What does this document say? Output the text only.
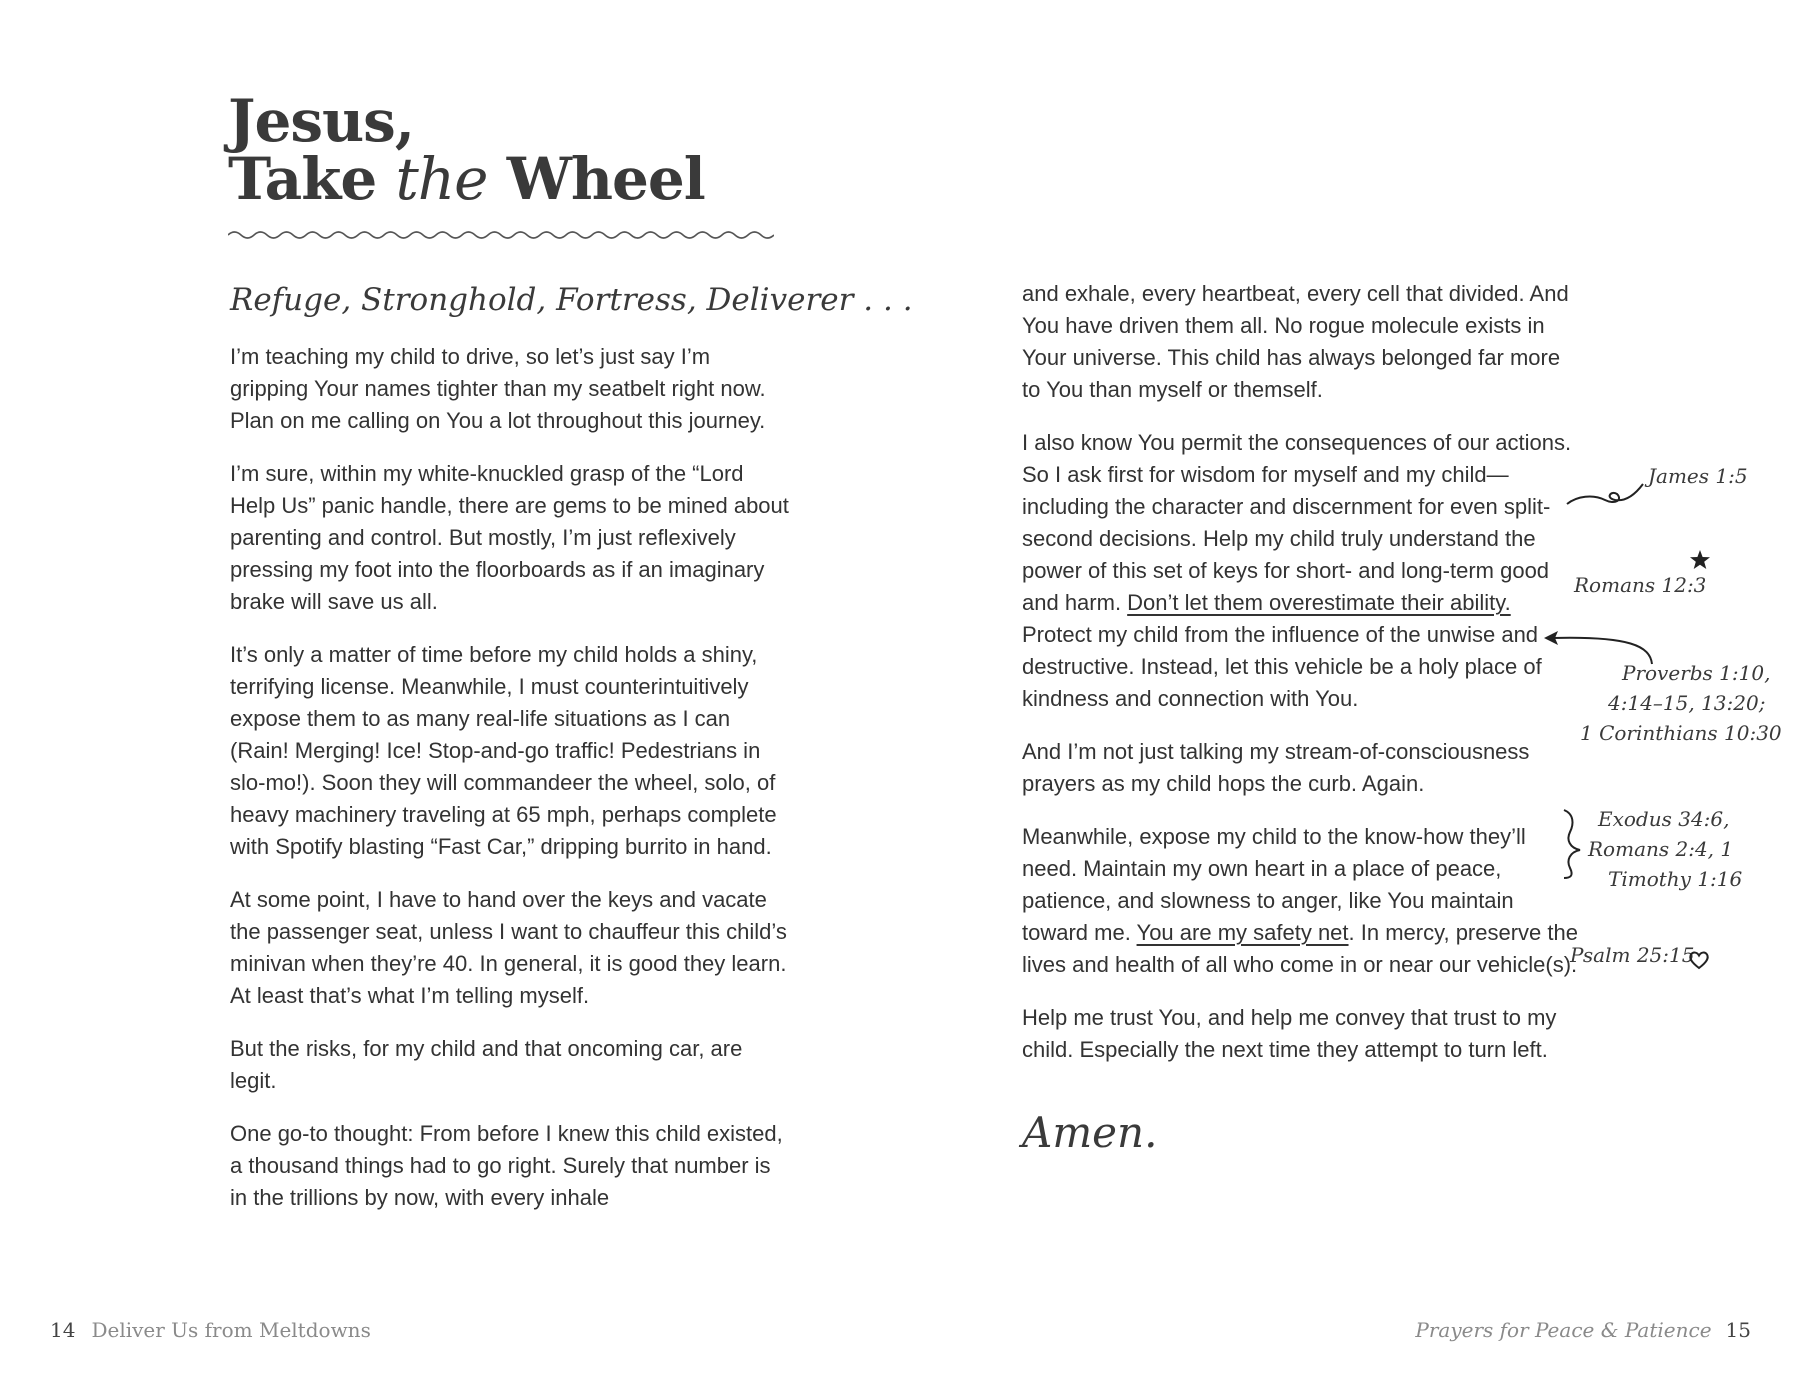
Jesus,
Take the Wheel
Refuge, Stronghold, Fortress, Deliverer . . .

I’m teaching my child to drive, so let’s just say I’m gripping Your names tighter than my seatbelt right now. Plan on me calling on You a lot throughout this journey.

I’m sure, within my white-knuckled grasp of the “Lord Help Us” panic handle, there are gems to be mined about parenting and control. But mostly, I’m just reflexively pressing my foot into the floorboards as if an imaginary brake will save us all.

It’s only a matter of time before my child holds a shiny, terrifying license. Meanwhile, I must counterintuitively expose them to as many real-life situations as I can (Rain! Merging! Ice! Stop-and-go traffic! Pedestrians in slo-mo!). Soon they will commandeer the wheel, solo, of heavy machinery traveling at 65 mph, perhaps complete with Spotify blasting “Fast Car,” dripping burrito in hand.

At some point, I have to hand over the keys and vacate the passenger seat, unless I want to chauffeur this child’s minivan when they’re 40. In general, it is good they learn. At least that’s what I’m telling myself.

But the risks, for my child and that oncoming car, are legit.

One go-to thought: From before I knew this child existed, a thousand things had to go right. Surely that number is in the trillions by now, with every inhale

and exhale, every heartbeat, every cell that divided. And You have driven them all. No rogue molecule exists in Your universe. This child has always belonged far more to You than myself or themself.

I also know You permit the consequences of our actions. So I ask first for wisdom for myself and my child—including the character and discernment for even split-second decisions. Help my child truly understand the power of this set of keys for short- and long-term good and harm. Don’t let them overestimate their ability. Protect my child from the influence of the unwise and destructive. Instead, let this vehicle be a holy place of kindness and connection with You.

And I’m not just talking my stream-of-consciousness prayers as my child hops the curb. Again.

Meanwhile, expose my child to the know-how they’ll need. Maintain my own heart in a place of peace, patience, and slowness to anger, like You maintain toward me. You are my safety net. In mercy, preserve the lives and health of all who come in or near our vehicle(s).

Help me trust You, and help me convey that trust to my child. Especially the next time they attempt to turn left.

Amen.
James 1:5
Romans 12:3
Proverbs 1:10,
4:14–15, 13:20;
1 Corinthians 10:30
Exodus 34:6,
Romans 2:4, 1
Timothy 1:16
Psalm 25:15
14 Deliver Us from Meltdowns	Prayers for Peace & Patience 15
